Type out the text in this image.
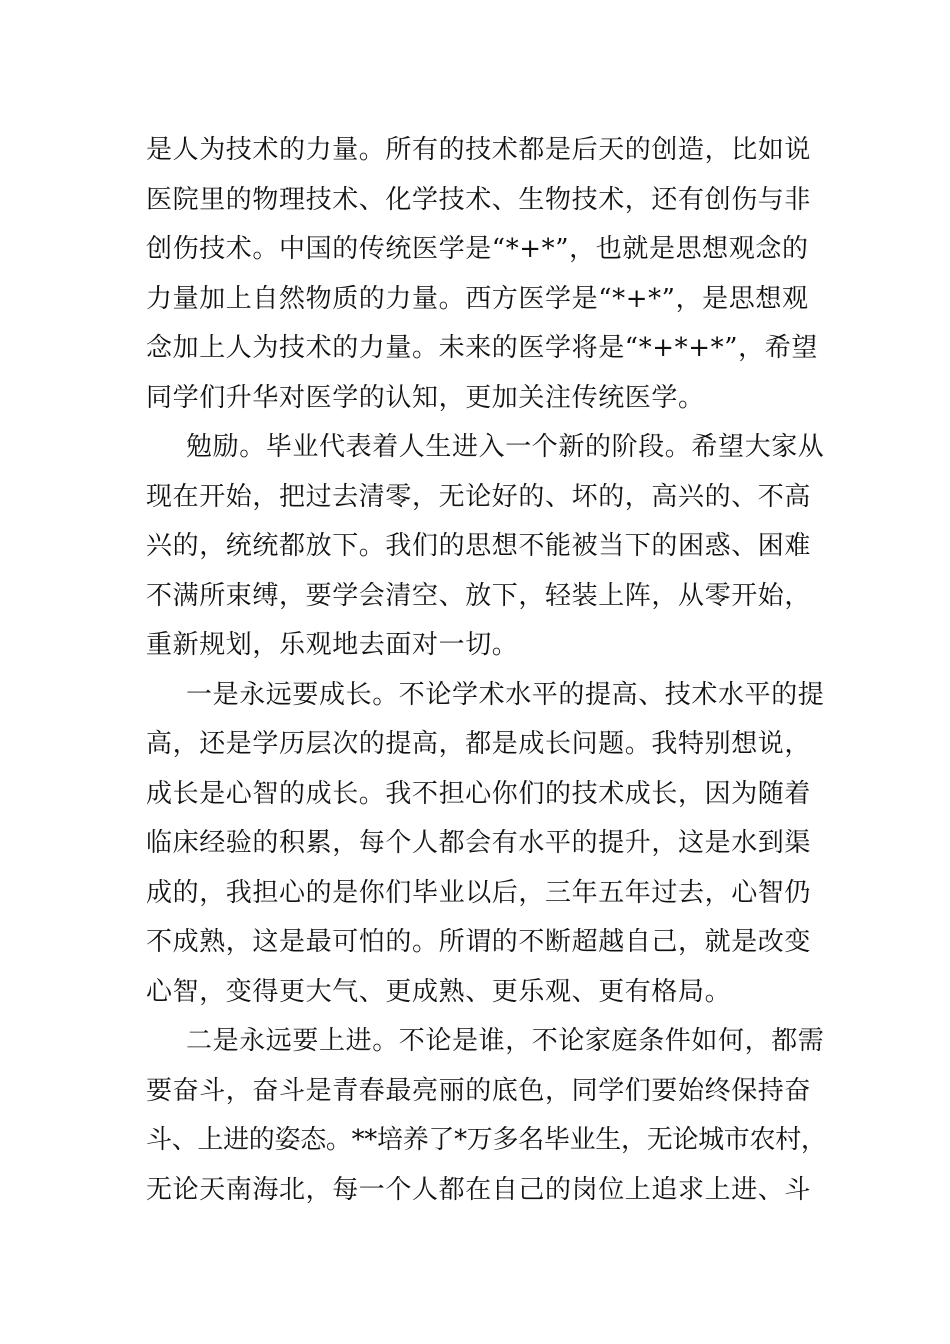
是人为技术的力量。所有的技术都是后天的创造，比如说
医院里的物理技术、化学技术、生物技术，还有创伤与非
创伤技术。中国的传统医学是“*+*”，也就是思想观念的
力量加上自然物质的力量。西方医学是“*+*”，是思想观
念加上人为技术的力量。未来的医学将是“*+*+*”，希望
同学们升华对医学的认知，更加关注传统医学。
勉励。毕业代表着人生进入一个新的阶段。希望大家从
现在开始，把过去清零，无论好的、坏的，高兴的、不高
兴的，统统都放下。我们的思想不能被当下的困惑、困难
不满所束缚，要学会清空、放下，轻装上阵，从零开始，
重新规划，乐观地去面对一切。
一是永远要成长。不论学术水平的提高、技术水平的提
高，还是学历层次的提高，都是成长问题。我特别想说，
成长是心智的成长。我不担心你们的技术成长，因为随着
临床经验的积累，每个人都会有水平的提升，这是水到渠
成的，我担心的是你们毕业以后，三年五年过去，心智仍
不成熟，这是最可怕的。所谓的不断超越自己，就是改变
心智，变得更大气、更成熟、更乐观、更有格局。
二是永远要上进。不论是谁，不论家庭条件如何，都需
要奋斗，奋斗是青春最亮丽的底色，同学们要始终保持奋
斗、上进的姿态。**培养了*万多名毕业生，无论城市农村，
无论天南海北，每一个人都在自己的岗位上追求上进、斗
